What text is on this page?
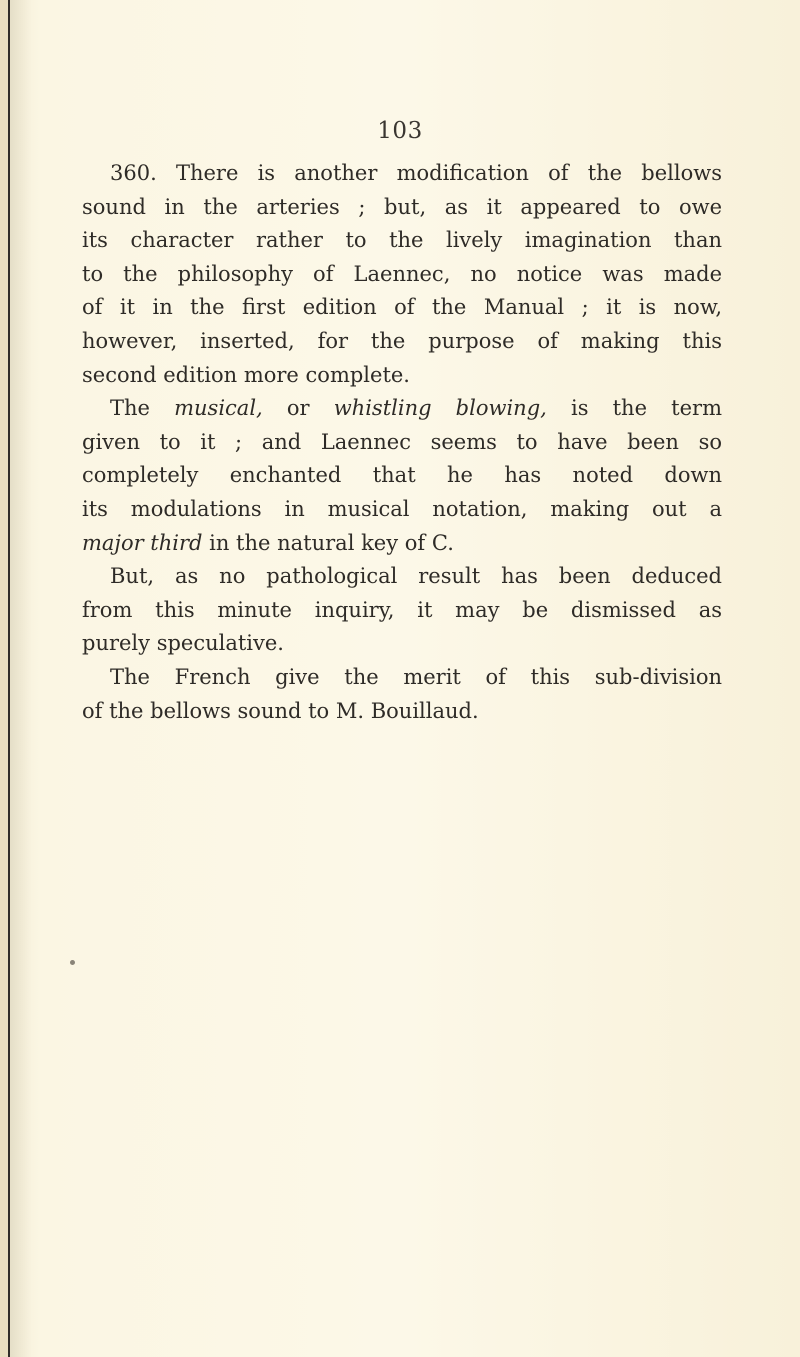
103
360. There is another modification of the bellows
sound in the arteries ; but, as it appeared to owe
its character rather to the lively imagination than
to the philosophy of Laennec, no notice was made
of it in the first edition of the Manual ; it is now,
however, inserted, for the purpose of making this
second edition more complete.
The musical, or whistling blowing, is the term
given to it ; and Laennec seems to have been so
completely enchanted that he has noted down
its modulations in musical notation, making out a
major third in the natural key of C.
But, as no pathological result has been deduced
from this minute inquiry, it may be dismissed as
purely speculative.
The French give the merit of this sub-division
of the bellows sound to M. Bouillaud.
